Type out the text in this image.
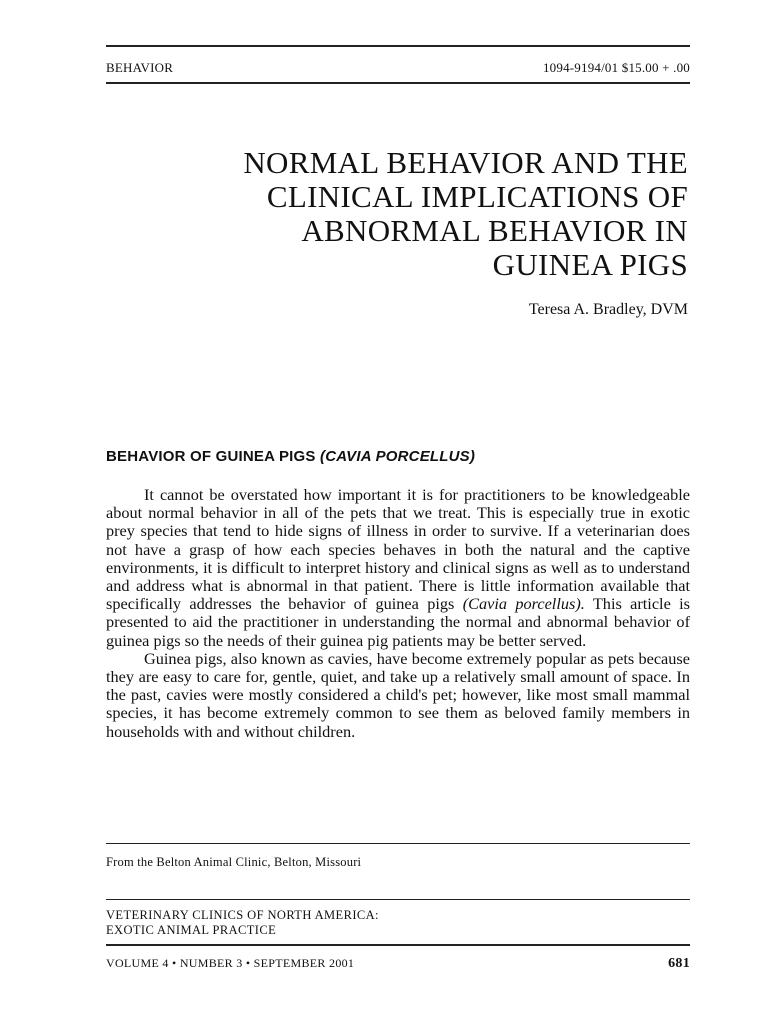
BEHAVIOR	1094-9194/01 $15.00 + .00
NORMAL BEHAVIOR AND THE
CLINICAL IMPLICATIONS OF
ABNORMAL BEHAVIOR IN
GUINEA PIGS
Teresa A. Bradley, DVM
BEHAVIOR OF GUINEA PIGS (CAVIA PORCELLUS)

It cannot be overstated how important it is for practitioners to be knowledgeable about normal behavior in all of the pets that we treat. This is especially true in exotic prey species that tend to hide signs of illness in order to survive. If a veterinarian does not have a grasp of how each species behaves in both the natural and the captive environments, it is difficult to interpret history and clinical signs as well as to understand and address what is abnormal in that patient. There is little information available that specifically addresses the behavior of guinea pigs (Cavia porcellus). This article is presented to aid the practitioner in understanding the normal and abnormal behavior of guinea pigs so the needs of their guinea pig patients may be better served.

Guinea pigs, also known as cavies, have become extremely popular as pets because they are easy to care for, gentle, quiet, and take up a relatively small amount of space. In the past, cavies were mostly considered a child's pet; however, like most small mammal species, it has become extremely common to see them as beloved family members in households with and without children.

From the Belton Animal Clinic, Belton, Missouri
VETERINARY CLINICS OF NORTH AMERICA:
EXOTIC ANIMAL PRACTICE
VOLUME 4 • NUMBER 3 • SEPTEMBER 2001	681
